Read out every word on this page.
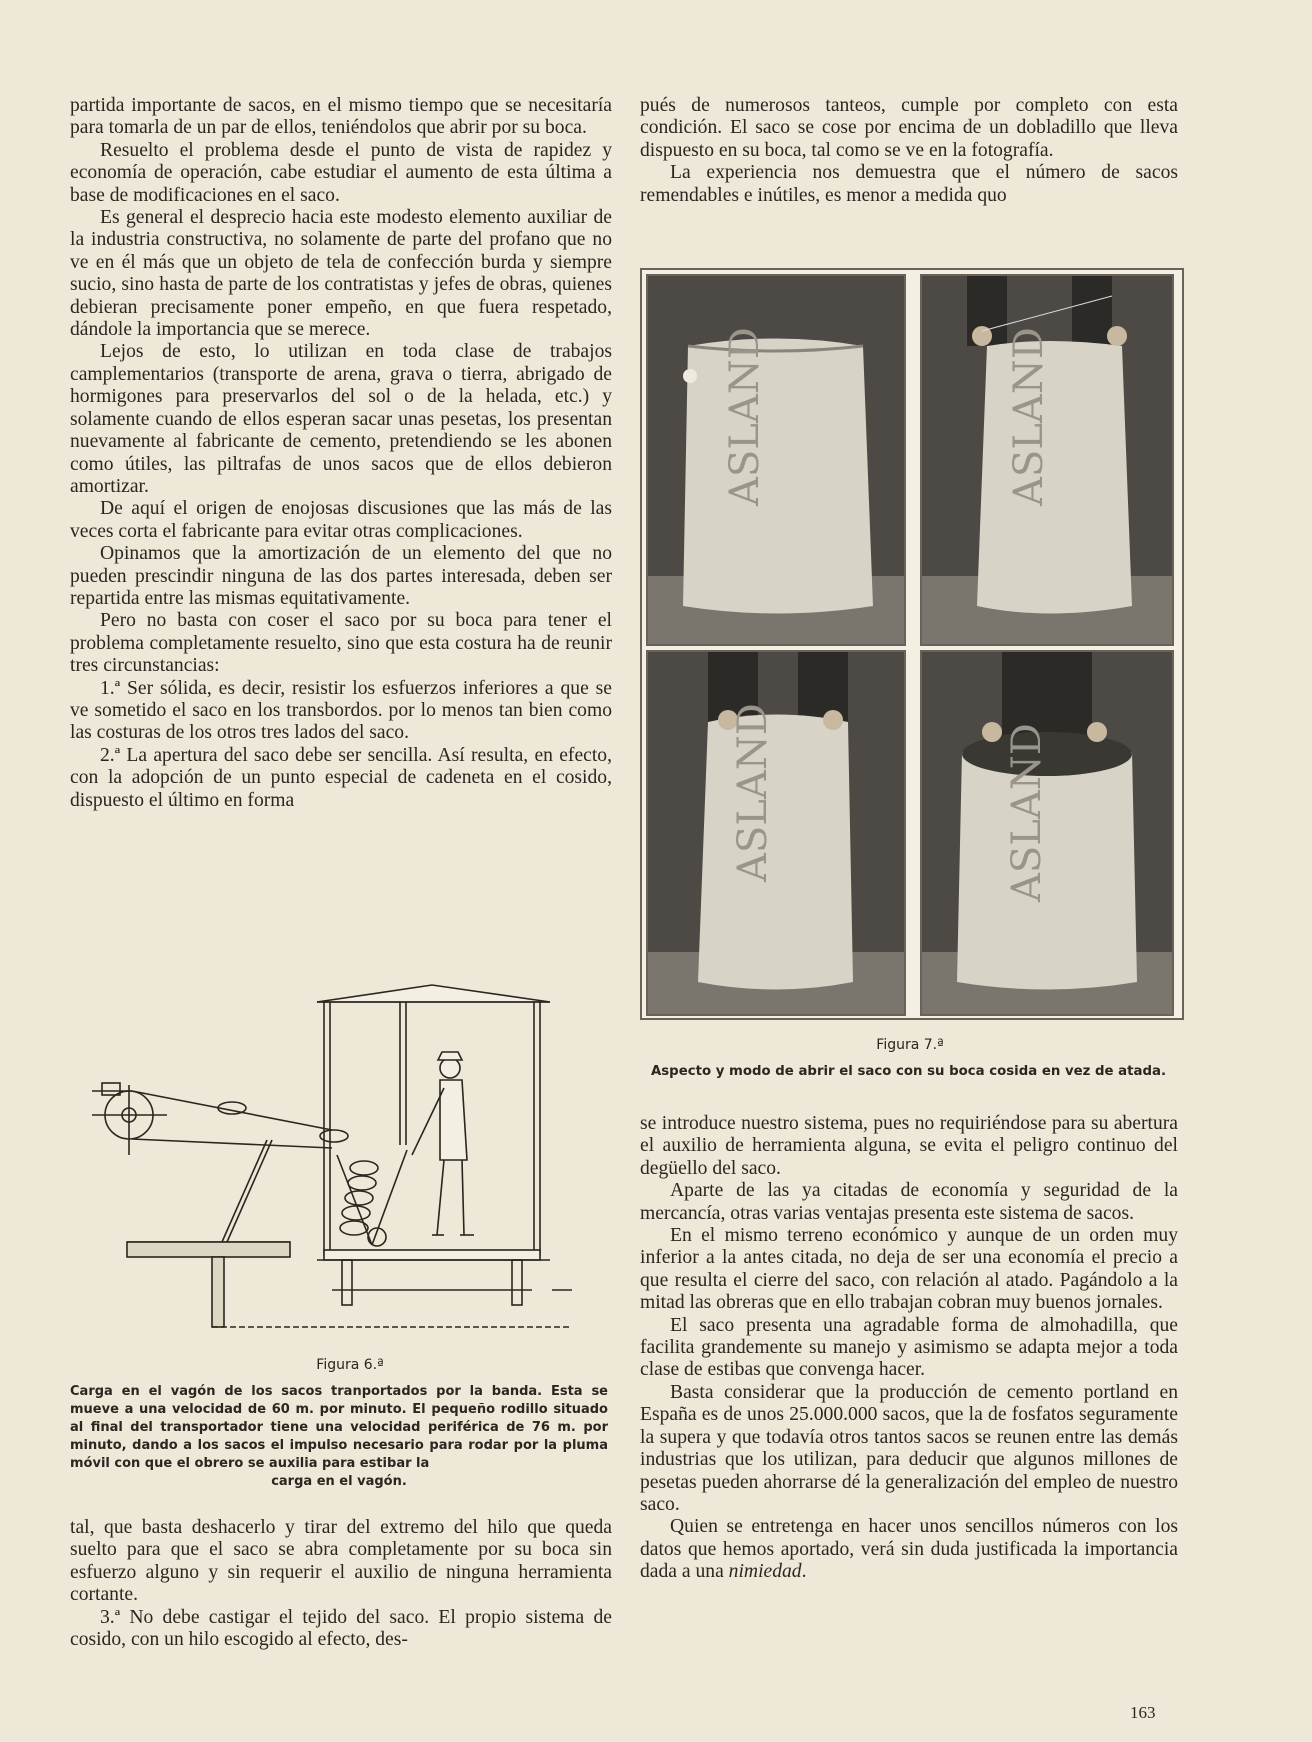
partida importante de sacos, en el mismo tiempo que se necesitaría para tomarla de un par de ellos, teniéndolos que abrir por su boca.

Resuelto el problema desde el punto de vista de rapidez y economía de operación, cabe estudiar el aumento de esta última a base de modificaciones en el saco.

Es general el desprecio hacia este modesto elemento auxiliar de la industria constructiva, no solamente de parte del profano que no ve en él más que un objeto de tela de confección burda y siempre sucio, sino hasta de parte de los contratistas y jefes de obras, quienes debieran precisamente poner empeño, en que fuera respetado, dándole la importancia que se merece.

Lejos de esto, lo utilizan en toda clase de trabajos camplementarios (transporte de arena, grava o tierra, abrigado de hormigones para preservarlos del sol o de la helada, etc.) y solamente cuando de ellos esperan sacar unas pesetas, los presentan nuevamente al fabricante de cemento, pretendiendo se les abonen como útiles, las piltrafas de unos sacos que de ellos debieron amortizar.

De aquí el origen de enojosas discusiones que las más de las veces corta el fabricante para evitar otras complicaciones.

Opinamos que la amortización de un elemento del que no pueden prescindir ninguna de las dos partes interesada, deben ser repartida entre las mismas equitativamente.

Pero no basta con coser el saco por su boca para tener el problema completamente resuelto, sino que esta costura ha de reunir tres circunstancias:

1.ª Ser sólida, es decir, resistir los esfuerzos inferiores a que se ve sometido el saco en los transbordos. por lo menos tan bien como las costuras de los otros tres lados del saco.

2.ª La apertura del saco debe ser sencilla. Así resulta, en efecto, con la adopción de un punto especial de cadeneta en el cosido, dispuesto el último en forma

Figura 6.ª

Carga en el vagón de los sacos tranportados por la banda. Esta se mueve a una velocidad de 60 m. por minuto. El pequeño rodillo situado al final del transportador tiene una velocidad periférica de 76 m. por minuto, dando a los sacos el impulso necesario para rodar por la pluma móvil con que el obrero se auxilia para estibar la

carga en el vagón.

tal, que basta deshacerlo y tirar del extremo del hilo que queda suelto para que el saco se abra completamente por su boca sin esfuerzo alguno y sin requerir el auxilio de ninguna herramienta cortante.

3.ª No debe castigar el tejido del saco. El propio sistema de cosido, con un hilo escogido al efecto, des-

pués de numerosos tanteos, cumple por completo con esta condición. El saco se cose por encima de un dobladillo que lleva dispuesto en su boca, tal como se ve en la fotografía.

La experiencia nos demuestra que el número de sacos remendables e inútiles, es menor a medida quo

ASLAND	ASLAND
ASLAND	ASLAND
Figura 7.ª
Aspecto y modo de abrir el saco con su boca cosida en vez de atada.

se introduce nuestro sistema, pues no requiriéndose para su abertura el auxilio de herramienta alguna, se evita el peligro continuo del degüello del saco.

Aparte de las ya citadas de economía y seguridad de la mercancía, otras varias ventajas presenta este sistema de sacos.

En el mismo terreno económico y aunque de un orden muy inferior a la antes citada, no deja de ser una economía el precio a que resulta el cierre del saco, con relación al atado. Pagándolo a la mitad las obreras que en ello trabajan cobran muy buenos jornales.

El saco presenta una agradable forma de almohadilla, que facilita grandemente su manejo y asimismo se adapta mejor a toda clase de estibas que convenga hacer.

Basta considerar que la producción de cemento portland en España es de unos 25.000.000 sacos, que la de fosfatos seguramente la supera y que todavía otros tantos sacos se reunen entre las demás industrias que los utilizan, para deducir que algunos millones de pesetas pueden ahorrarse dé la generalización del empleo de nuestro saco.

Quien se entretenga en hacer unos sencillos números con los datos que hemos aportado, verá sin duda justificada la importancia dada a una nimiedad.

163
